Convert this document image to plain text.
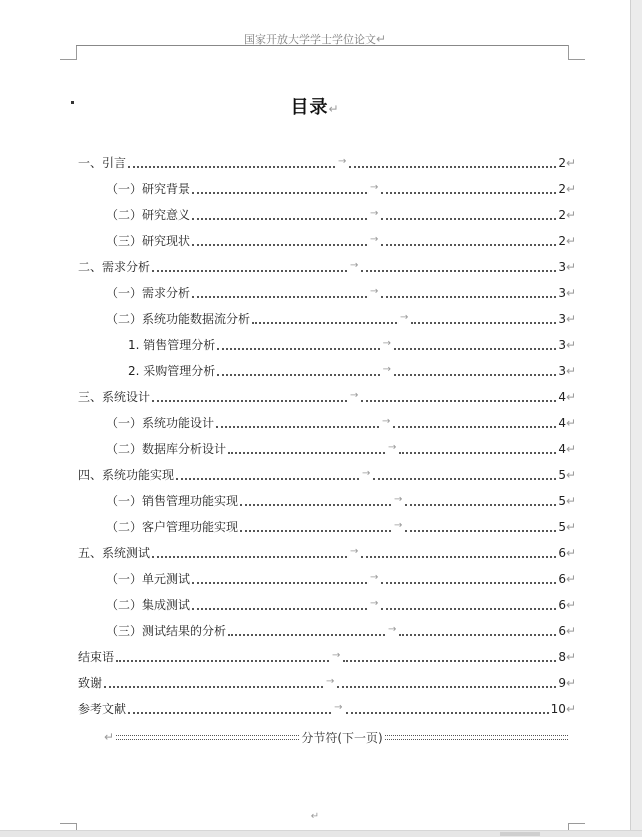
国家开放大学学士学位论文↵
目录↵
一、引言	→	2 ↵
（一）研究背景	→	2 ↵
（二）研究意义	→	2 ↵
（三）研究现状	→	2 ↵
二、需求分析	→	3 ↵
（一）需求分析	→	3 ↵
（二）系统功能数据流分析	→	3 ↵
1. 销售管理分析	→	3 ↵
2. 采购管理分析	→	3 ↵
三、系统设计	→	4 ↵
（一）系统功能设计	→	4 ↵
（二）数据库分析设计	→	4 ↵
四、系统功能实现	→	5 ↵
（一）销售管理功能实现	→	5 ↵
（二）客户管理功能实现	→	5 ↵
五、系统测试	→	6 ↵
（一）单元测试	→	6 ↵
（二）集成测试	→	6 ↵
（三）测试结果的分析	→	6 ↵
结束语	→	8 ↵
致谢	→	9 ↵
参考文献	→	10 ↵
↵	分节符(下一页)
↵
